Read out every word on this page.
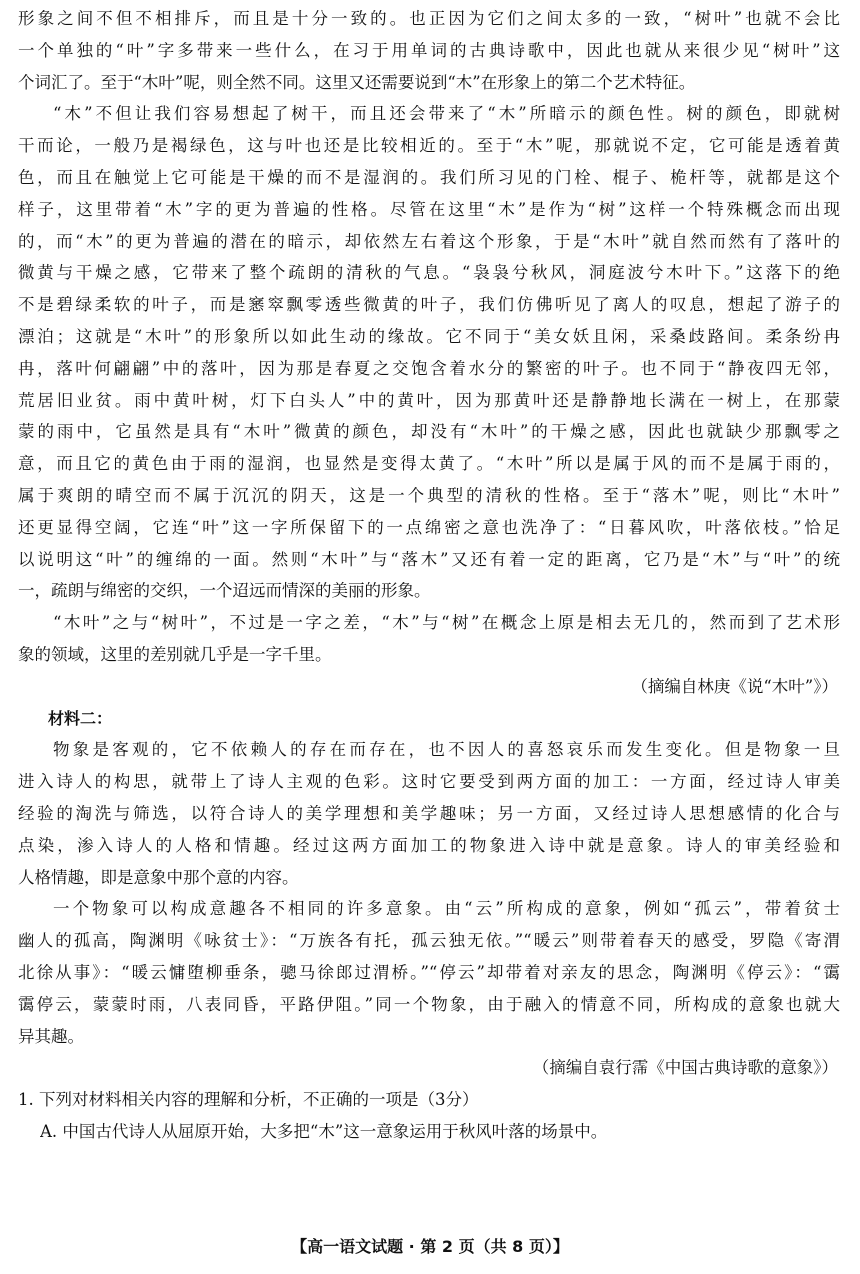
形象之间不但不相排斥，而且是十分一致的。也正因为它们之间太多的一致，“树叶”也就不会比
一个单独的“叶”字多带来一些什么，在习于用单词的古典诗歌中，因此也就从来很少见“树叶”这
个词汇了。至于“木叶”呢，则全然不同。这里又还需要说到“木”在形象上的第二个艺术特征。
“木”不但让我们容易想起了树干，而且还会带来了“木”所暗示的颜色性。树的颜色，即就树
干而论，一般乃是褐绿色，这与叶也还是比较相近的。至于“木”呢，那就说不定，它可能是透着黄
色，而且在触觉上它可能是干燥的而不是湿润的。我们所习见的门栓、棍子、桅杆等，就都是这个
样子，这里带着“木”字的更为普遍的性格。尽管在这里“木”是作为“树”这样一个特殊概念而出现
的，而“木”的更为普遍的潜在的暗示，却依然左右着这个形象，于是“木叶”就自然而然有了落叶的
微黄与干燥之感，它带来了整个疏朗的清秋的气息。“袅袅兮秋风，洞庭波兮木叶下。”这落下的绝
不是碧绿柔软的叶子，而是窸窣飘零透些微黄的叶子，我们仿佛听见了离人的叹息，想起了游子的
漂泊；这就是“木叶”的形象所以如此生动的缘故。它不同于“美女妖且闲，采桑歧路间。柔条纷冉
冉，落叶何翩翩”中的落叶，因为那是春夏之交饱含着水分的繁密的叶子。也不同于“静夜四无邻，
荒居旧业贫。雨中黄叶树，灯下白头人”中的黄叶，因为那黄叶还是静静地长满在一树上，在那蒙
蒙的雨中，它虽然是具有“木叶”微黄的颜色，却没有“木叶”的干燥之感，因此也就缺少那飘零之
意，而且它的黄色由于雨的湿润，也显然是变得太黄了。“木叶”所以是属于风的而不是属于雨的，
属于爽朗的晴空而不属于沉沉的阴天，这是一个典型的清秋的性格。至于“落木”呢，则比“木叶”
还更显得空阔，它连“叶”这一字所保留下的一点绵密之意也洗净了：“日暮风吹，叶落依枝。”恰足
以说明这“叶”的缠绵的一面。然则“木叶”与“落木”又还有着一定的距离，它乃是“木”与“叶”的统
一，疏朗与绵密的交织，一个迢远而情深的美丽的形象。
“木叶”之与“树叶”，不过是一字之差，“木”与“树”在概念上原是相去无几的，然而到了艺术形
象的领域，这里的差别就几乎是一字千里。
（摘编自林庚《说“木叶”》）
材料二：
物象是客观的，它不依赖人的存在而存在，也不因人的喜怒哀乐而发生变化。但是物象一旦
进入诗人的构思，就带上了诗人主观的色彩。这时它要受到两方面的加工：一方面，经过诗人审美
经验的淘洗与筛选，以符合诗人的美学理想和美学趣味；另一方面，又经过诗人思想感情的化合与
点染，渗入诗人的人格和情趣。经过这两方面加工的物象进入诗中就是意象。诗人的审美经验和
人格情趣，即是意象中那个意的内容。
一个物象可以构成意趣各不相同的许多意象。由“云”所构成的意象，例如“孤云”，带着贫士
幽人的孤高，陶渊明《咏贫士》：“万族各有托，孤云独无依。”“暖云”则带着春天的感受，罗隐《寄渭
北徐从事》：“暖云慵堕柳垂条，骢马徐郎过渭桥。”“停云”却带着对亲友的思念，陶渊明《停云》：“霭
霭停云，蒙蒙时雨，八表同昏，平路伊阻。”同一个物象，由于融入的情意不同，所构成的意象也就大
异其趣。
（摘编自袁行霈《中国古典诗歌的意象》）
1. 下列对材料相关内容的理解和分析，不正确的一项是（3分）
A. 中国古代诗人从屈原开始，大多把“木”这一意象运用于秋风叶落的场景中。
【高一语文试题 · 第 2 页（共 8 页）】
